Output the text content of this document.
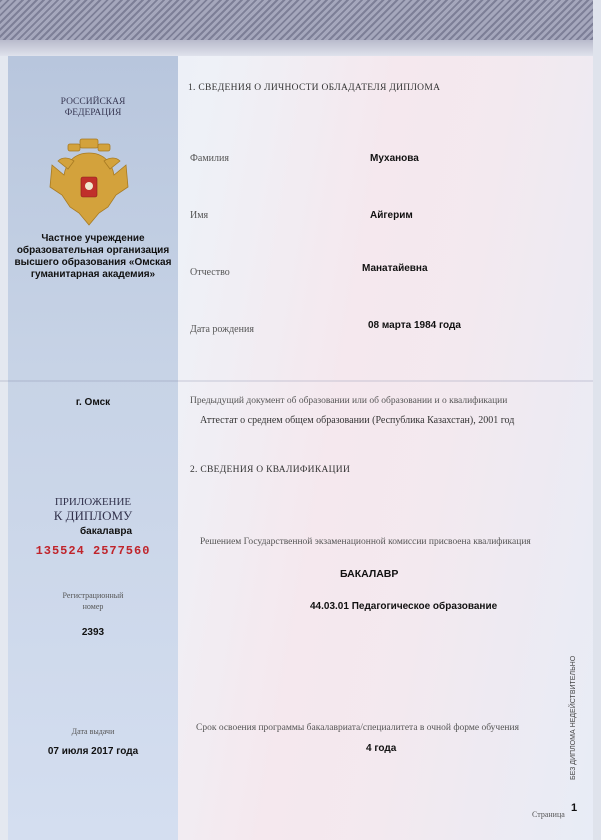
РОССИЙСКАЯ
ФЕДЕРАЦИЯ
Частное учреждение
образовательная организация
высшего образования «Омская
гуманитарная академия»
г. Омск
ПРИЛОЖЕНИЕ
К ДИПЛОМУ
бакалавра
135524 2577560
Регистрационный
номер
2393
Дата выдачи
07 июля 2017 года
1. СВЕДЕНИЯ О ЛИЧНОСТИ ОБЛАДАТЕЛЯ ДИПЛОМА
Фамилия	Муханова
Имя	Айгерим
Отчество	Манатайевна
Дата рождения	08 марта 1984 года
Предыдущий документ об образовании или об образовании и о квалификации
Аттестат о среднем общем образовании (Республика Казахстан), 2001 год
2. СВЕДЕНИЯ О КВАЛИФИКАЦИИ
Решением Государственной экзаменационной комиссии присвоена квалификация
БАКАЛАВР
44.03.01 Педагогическое образование
Срок освоения программы бакалавриата/специалитета в очной форме обучения
4 года
Страница
1
БЕЗ ДИПЛОМА НЕДЕЙСТВИТЕЛЬНО
